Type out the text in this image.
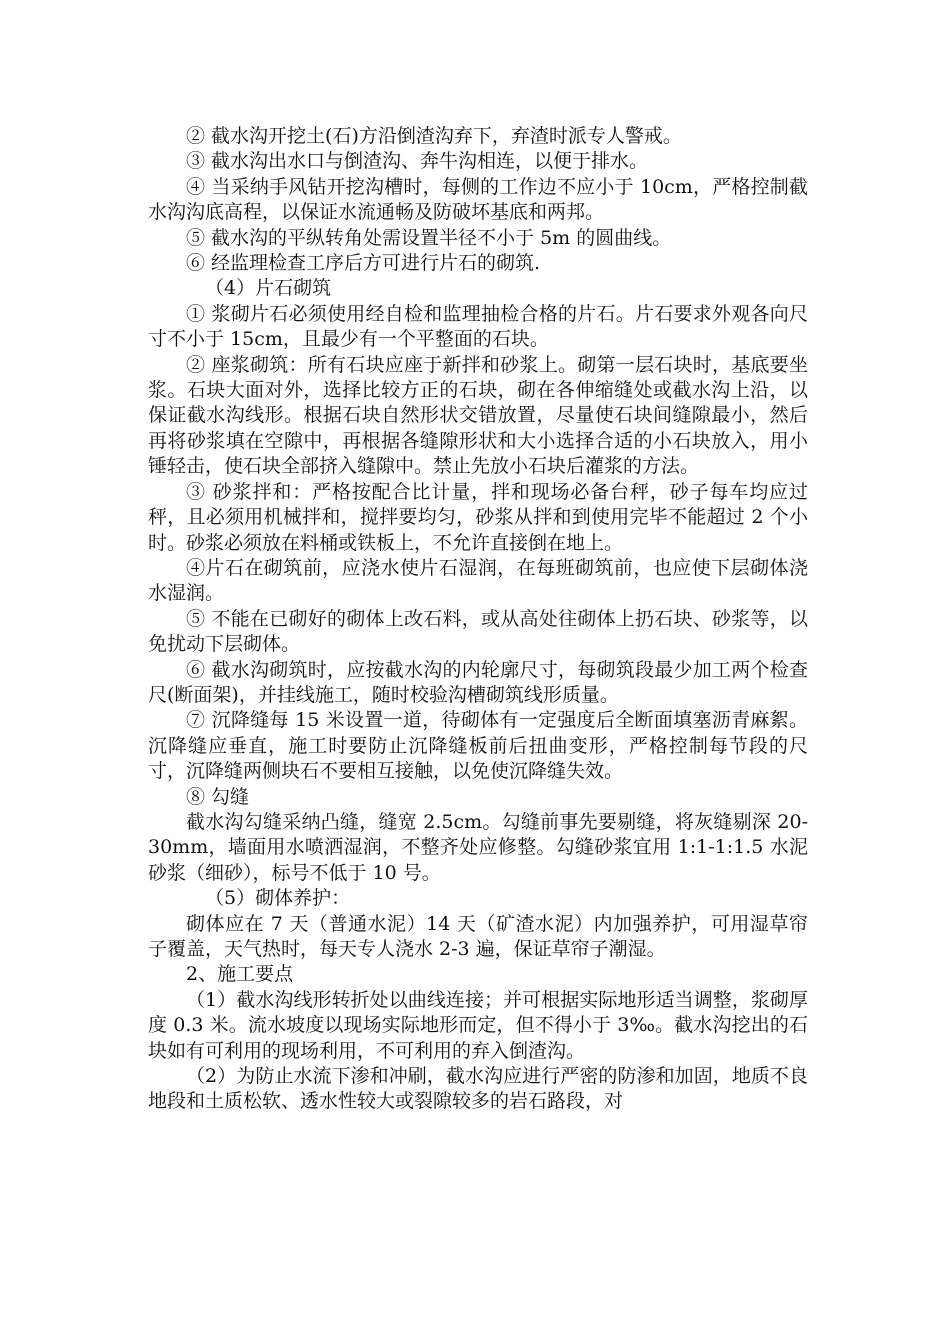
② 截水沟开挖土(石)方沿倒渣沟弃下，弃渣时派专人警戒。

③ 截水沟出水口与倒渣沟、奔牛沟相连，以便于排水。

④ 当采纳手风钻开挖沟槽时，每侧的工作边不应小于 10cm，严格控制截水沟沟底高程，以保证水流通畅及防破坏基底和两邦。

⑤ 截水沟的平纵转角处需设置半径不小于 5m 的圆曲线。

⑥ 经监理检查工序后方可进行片石的砌筑.

（4）片石砌筑

① 浆砌片石必须使用经自检和监理抽检合格的片石。片石要求外观各向尺寸不小于 15cm，且最少有一个平整面的石块。

② 座浆砌筑：所有石块应座于新拌和砂浆上。砌第一层石块时，基底要坐浆。石块大面对外，选择比较方正的石块，砌在各伸缩缝处或截水沟上沿，以保证截水沟线形。根据石块自然形状交错放置，尽量使石块间缝隙最小，然后再将砂浆填在空隙中，再根据各缝隙形状和大小选择合适的小石块放入，用小锤轻击，使石块全部挤入缝隙中。禁止先放小石块后灌浆的方法。

③ 砂浆拌和：严格按配合比计量，拌和现场必备台秤，砂子每车均应过秤，且必须用机械拌和，搅拌要均匀，砂浆从拌和到使用完毕不能超过 2 个小时。砂浆必须放在料桶或铁板上，不允许直接倒在地上。

④片石在砌筑前，应浇水使片石湿润，在每班砌筑前，也应使下层砌体浇水湿润。

⑤ 不能在已砌好的砌体上改石料，或从高处往砌体上扔石块、砂浆等，以免扰动下层砌体。

⑥ 截水沟砌筑时，应按截水沟的内轮廓尺寸，每砌筑段最少加工两个检查尺(断面架)，并挂线施工，随时校验沟槽砌筑线形质量。

⑦ 沉降缝每 15 米设置一道，待砌体有一定强度后全断面填塞沥青麻絮。沉降缝应垂直，施工时要防止沉降缝板前后扭曲变形，严格控制每节段的尺寸，沉降缝两侧块石不要相互接触，以免使沉降缝失效。

⑧ 勾缝

截水沟勾缝采纳凸缝，缝宽 2.5cm。勾缝前事先要剔缝，将灰缝剔深 20-30mm，墙面用水喷洒湿润，不整齐处应修整。勾缝砂浆宜用 1:1-1:1.5 水泥砂浆（细砂），标号不低于 10 号。

（5）砌体养护：

砌体应在 7 天（普通水泥）14 天（矿渣水泥）内加强养护，可用湿草帘子覆盖，天气热时，每天专人浇水 2-3 遍，保证草帘子潮湿。

2、施工要点

（1）截水沟线形转折处以曲线连接；并可根据实际地形适当调整，浆砌厚度 0.3 米。流水坡度以现场实际地形而定，但不得小于 3‰。截水沟挖出的石块如有可利用的现场利用，不可利用的弃入倒渣沟。

（2）为防止水流下渗和冲刷，截水沟应进行严密的防渗和加固，地质不良地段和土质松软、透水性较大或裂隙较多的岩石路段，对
